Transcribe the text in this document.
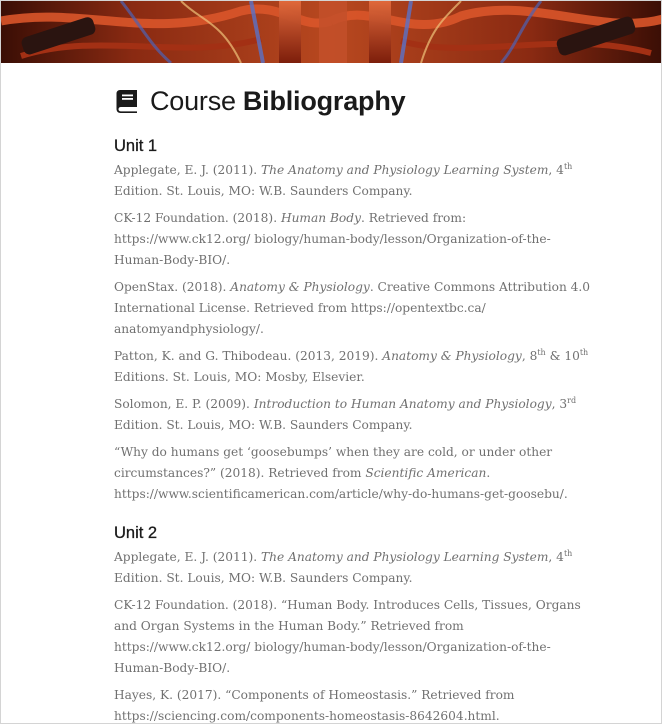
Course Bibliography
Unit 1

Applegate, E. J. (2011). The Anatomy and Physiology Learning System, 4th
Edition. St. Louis, MO: W.B. Saunders Company.

CK-12 Foundation. (2018). Human Body. Retrieved from:
https://www.ck12.org/ biology/human-body/lesson/Organization-of-the-
Human-Body-BIO/.

OpenStax. (2018). Anatomy & Physiology. Creative Commons Attribution 4.0
International License. Retrieved from https://opentextbc.ca/
anatomyandphysiology/.

Patton, K. and G. Thibodeau. (2013, 2019). Anatomy & Physiology, 8th & 10th
Editions. St. Louis, MO: Mosby, Elsevier.

Solomon, E. P. (2009). Introduction to Human Anatomy and Physiology, 3rd
Edition. St. Louis, MO: W.B. Saunders Company.

“Why do humans get ‘goosebumps’ when they are cold, or under other
circumstances?” (2018). Retrieved from Scientific American.
https://www.scientificamerican.com/article/why-do-humans-get-goosebu/.

Unit 2

Applegate, E. J. (2011). The Anatomy and Physiology Learning System, 4th
Edition. St. Louis, MO: W.B. Saunders Company.

CK-12 Foundation. (2018). “Human Body. Introduces Cells, Tissues, Organs
and Organ Systems in the Human Body.” Retrieved from
https://www.ck12.org/ biology/human-body/lesson/Organization-of-the-
Human-Body-BIO/.

Hayes, K. (2017). “Components of Homeostasis.” Retrieved from
https://sciencing.com/components-homeostasis-8642604.html.
